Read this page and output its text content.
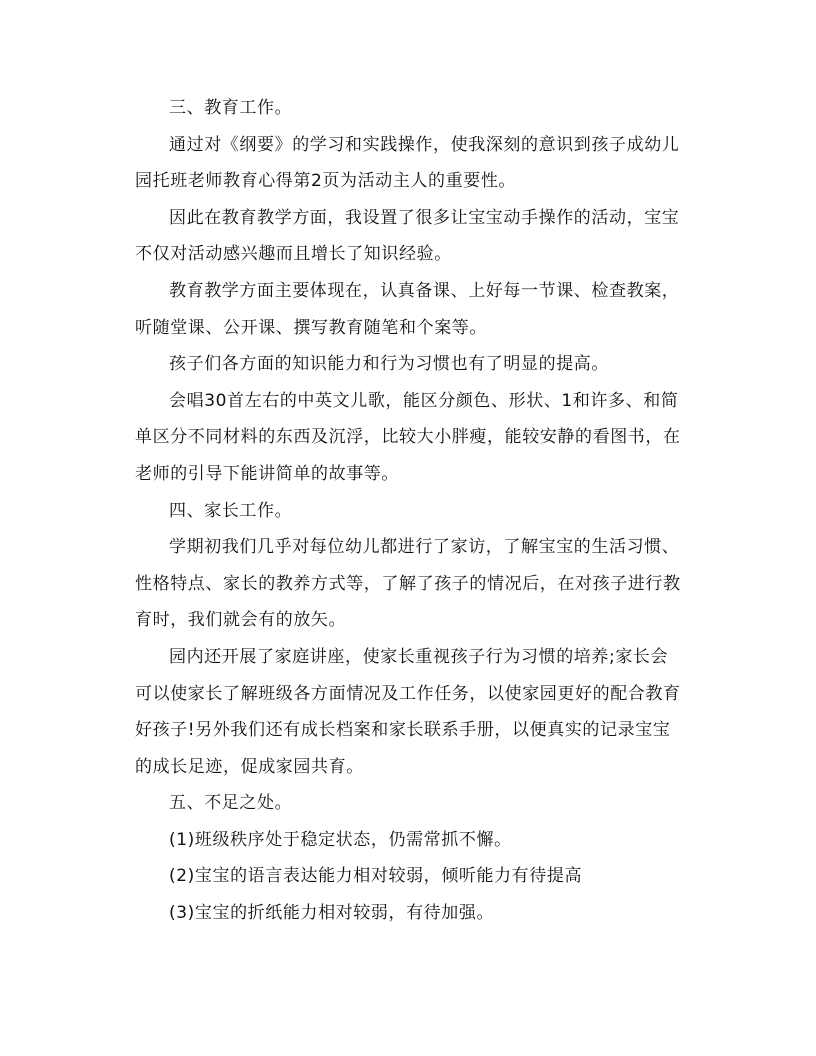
三、教育工作。

通过对《纲要》的学习和实践操作，使我深刻的意识到孩子成幼儿园托班老师教育心得第2页为活动主人的重要性。

因此在教育教学方面，我设置了很多让宝宝动手操作的活动，宝宝不仅对活动感兴趣而且增长了知识经验。

教育教学方面主要体现在，认真备课、上好每一节课、检查教案，听随堂课、公开课、撰写教育随笔和个案等。

孩子们各方面的知识能力和行为习惯也有了明显的提高。

会唱30首左右的中英文儿歌，能区分颜色、形状、1和许多、和简单区分不同材料的东西及沉浮，比较大小胖瘦，能较安静的看图书，在老师的引导下能讲简单的故事等。

四、家长工作。

学期初我们几乎对每位幼儿都进行了家访，了解宝宝的生活习惯、性格特点、家长的教养方式等，了解了孩子的情况后，在对孩子进行教育时，我们就会有的放矢。

园内还开展了家庭讲座，使家长重视孩子行为习惯的培养;家长会可以使家长了解班级各方面情况及工作任务，以使家园更好的配合教育好孩子!另外我们还有成长档案和家长联系手册，以便真实的记录宝宝的成长足迹，促成家园共育。

五、不足之处。

(1)班级秩序处于稳定状态，仍需常抓不懈。

(2)宝宝的语言表达能力相对较弱，倾听能力有待提高

(3)宝宝的折纸能力相对较弱，有待加强。
